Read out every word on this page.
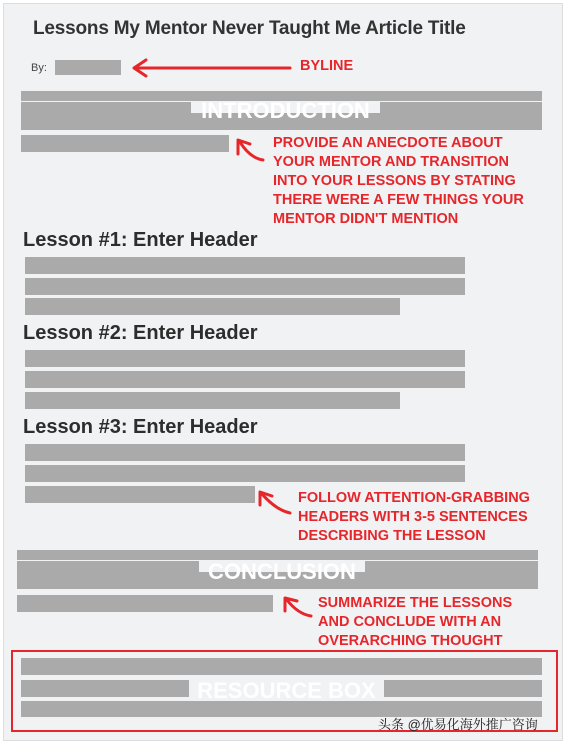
Lessons My Mentor Never Taught Me Article Title
By:	BYLINE
INTRODUCTION
PROVIDE AN ANECDOTE ABOUT
YOUR MENTOR AND TRANSITION
INTO YOUR LESSONS BY STATING
THERE WERE A FEW THINGS YOUR
MENTOR DIDN'T MENTION
Lesson #1: Enter Header
Lesson #2: Enter Header
Lesson #3: Enter Header
FOLLOW ATTENTION-GRABBING
HEADERS WITH 3-5 SENTENCES
DESCRIBING THE LESSON
CONCLUSION
SUMMARIZE THE LESSONS
AND CONCLUDE WITH AN
OVERARCHING THOUGHT
RESOURCE BOX
头条 @优易化海外推广咨询
